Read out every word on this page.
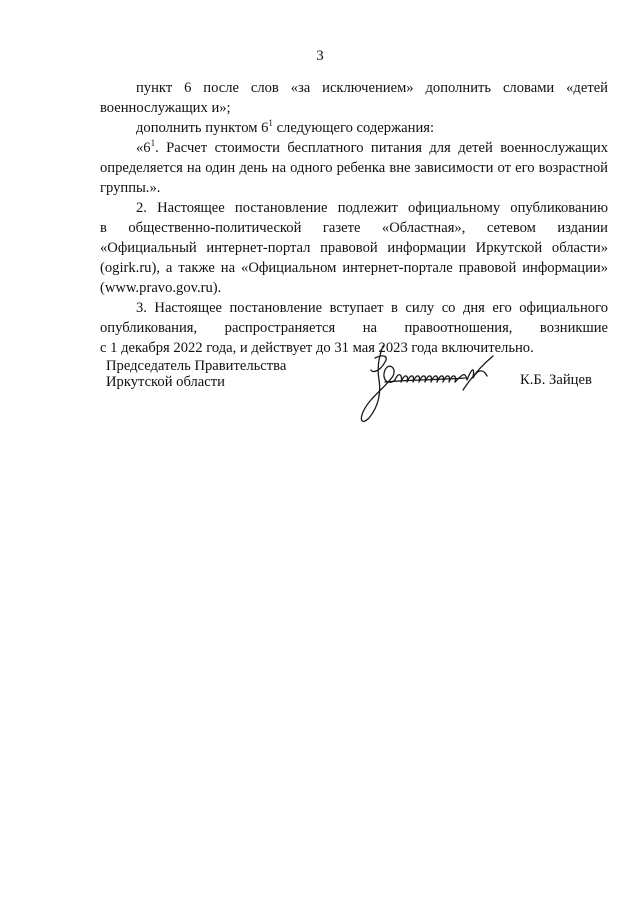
3

пункт 6 после слов «за исключением» дополнить словами «детей
военнослужащих и»;

дополнить пунктом $6^1$ следующего содержания:

«$6^1$. Расчет стоимости бесплатного питания для детей военнослужащих
определяется на один день на одного ребенка вне зависимости от его возрастной
группы.».

2. Настоящее постановление подлежит официальному опубликованию
в общественно-политической газете «Областная», сетевом издании
«Официальный интернет-портал правовой информации Иркутской области»
(ogirk.ru), а также на «Официальном интернет-портале правовой информации»
(www.pravo.gov.ru).

3. Настоящее постановление вступает в силу со дня его официального
опубликования, распространяется на правоотношения, возникшие
с 1 декабря 2022 года, и действует до 31 мая 2023 года включительно.

Председатель Правительства
Иркутской области	К.Б. Зайцев
